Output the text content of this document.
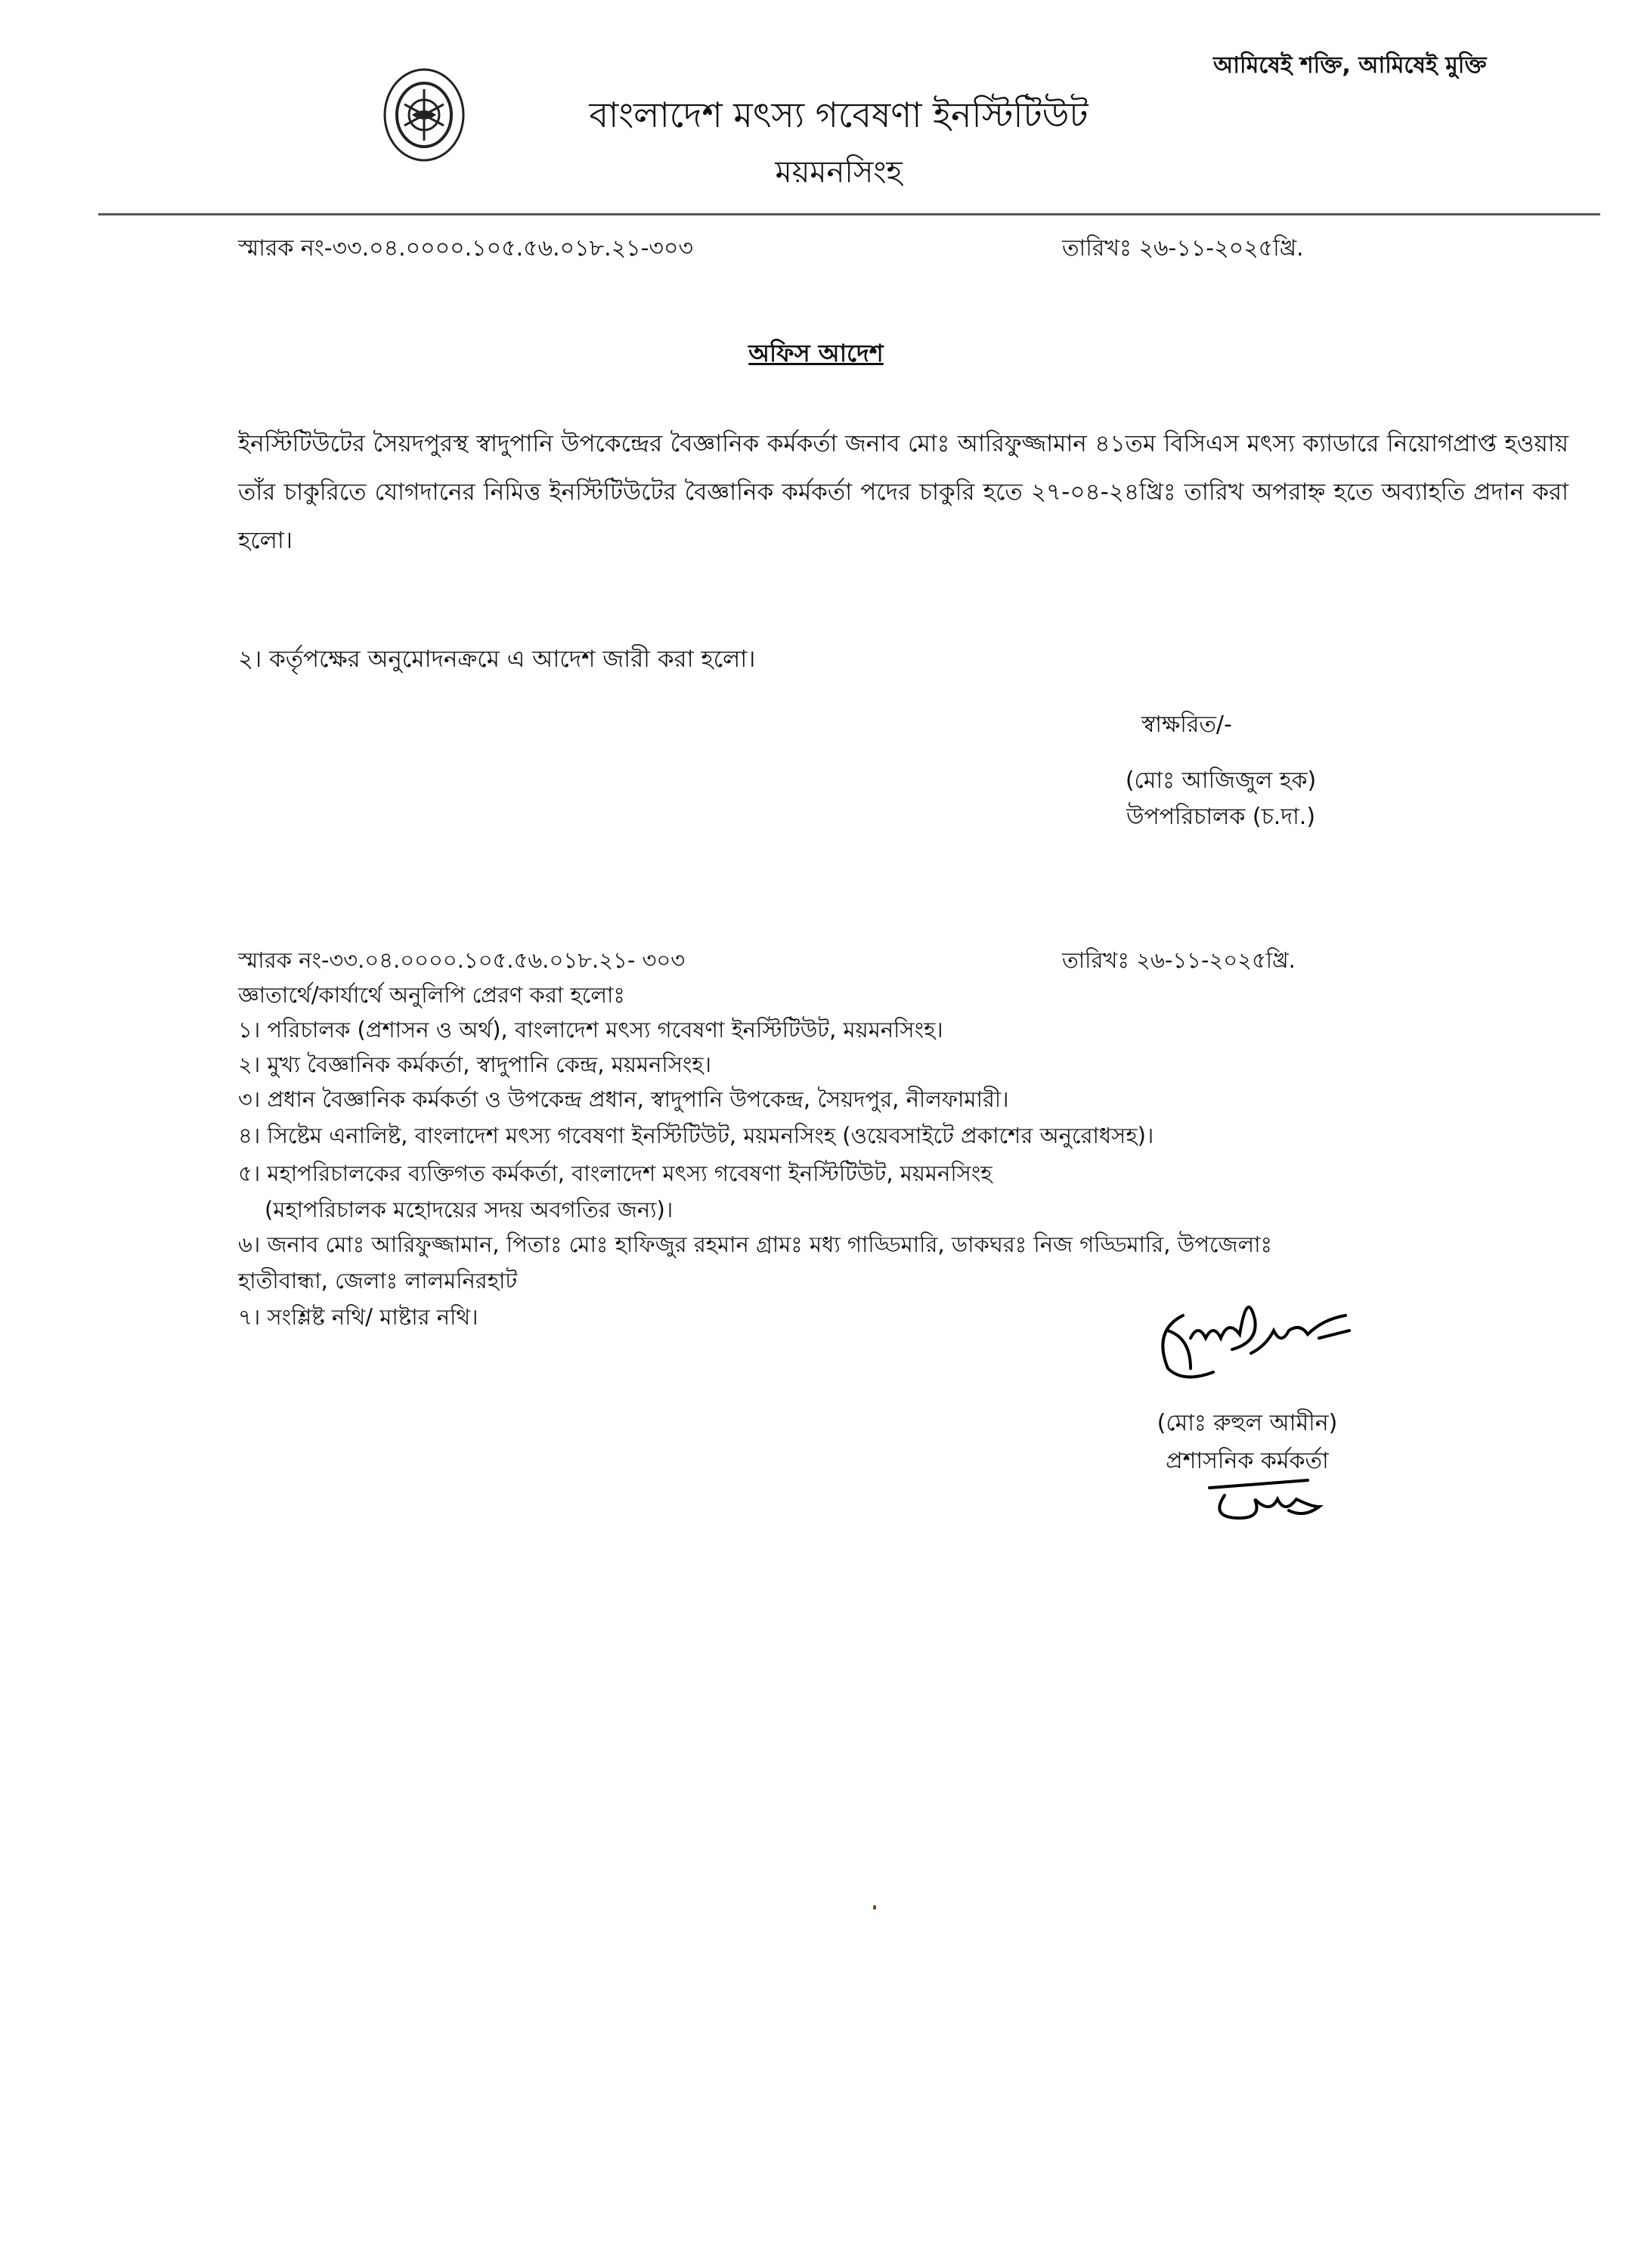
আমিষেই শক্তি, আমিষেই মুক্তি
বাংলাদেশ মৎস্য গবেষণা ইনস্টিটিউট
ময়মনসিংহ
স্মারক নং-৩৩.০৪.০০০০.১০৫.৫৬.০১৮.২১-৩০৩	তারিখঃ ২৬-১১-২০২৫খ্রি.
অফিস আদেশ
ইনস্টিটিউটের সৈয়দপুরস্থ স্বাদুপানি উপকেন্দ্রের বৈজ্ঞানিক কর্মকর্তা জনাব মোঃ আরিফুজ্জামান ৪১তম বিসিএস মৎস্য ক্যাডারে নিয়োগপ্রাপ্ত হওয়ায় তাঁর চাকুরিতে যোগদানের নিমিত্ত ইনস্টিটিউটের বৈজ্ঞানিক কর্মকর্তা পদের চাকুরি হতে ২৭-০৪-২৪খ্রিঃ তারিখ অপরাহ্ন হতে অব্যাহতি প্রদান করা হলো।
২। কর্তৃপক্ষের অনুমোদনক্রমে এ আদেশ জারী করা হলো।
স্বাক্ষরিত/-
(মোঃ আজিজুল হক)
উপপরিচালক (চ.দা.)
স্মারক নং-৩৩.০৪.০০০০.১০৫.৫৬.০১৮.২১- ৩০৩	তারিখঃ ২৬-১১-২০২৫খ্রি.
জ্ঞাতার্থে/কার্যার্থে অনুলিপি প্রেরণ করা হলোঃ
১। পরিচালক (প্রশাসন ও অর্থ), বাংলাদেশ মৎস্য গবেষণা ইনস্টিটিউট, ময়মনসিংহ।
২। মুখ্য বৈজ্ঞানিক কর্মকর্তা, স্বাদুপানি কেন্দ্র, ময়মনসিংহ।
৩। প্রধান বৈজ্ঞানিক কর্মকর্তা ও উপকেন্দ্র প্রধান, স্বাদুপানি উপকেন্দ্র, সৈয়দপুর, নীলফামারী।
৪। সিষ্টেম এনালিষ্ট, বাংলাদেশ মৎস্য গবেষণা ইনস্টিটিউট, ময়মনসিংহ (ওয়েবসাইটে প্রকাশের অনুরোধসহ)।
৫। মহাপরিচালকের ব্যক্তিগত কর্মকর্তা, বাংলাদেশ মৎস্য গবেষণা ইনস্টিটিউট, ময়মনসিংহ
(মহাপরিচালক মহোদয়ের সদয় অবগতির জন্য)।
৬। জনাব মোঃ আরিফুজ্জামান, পিতাঃ মোঃ হাফিজুর রহমান গ্রামঃ মধ্য গাড্ডিমারি, ডাকঘরঃ নিজ গড্ডিমারি, উপজেলাঃ
হাতীবান্ধা, জেলাঃ লালমনিরহাট
৭। সংশ্লিষ্ট নথি/ মাষ্টার নথি।
(মোঃ রুহুল আমীন)
প্রশাসনিক কর্মকর্তা
